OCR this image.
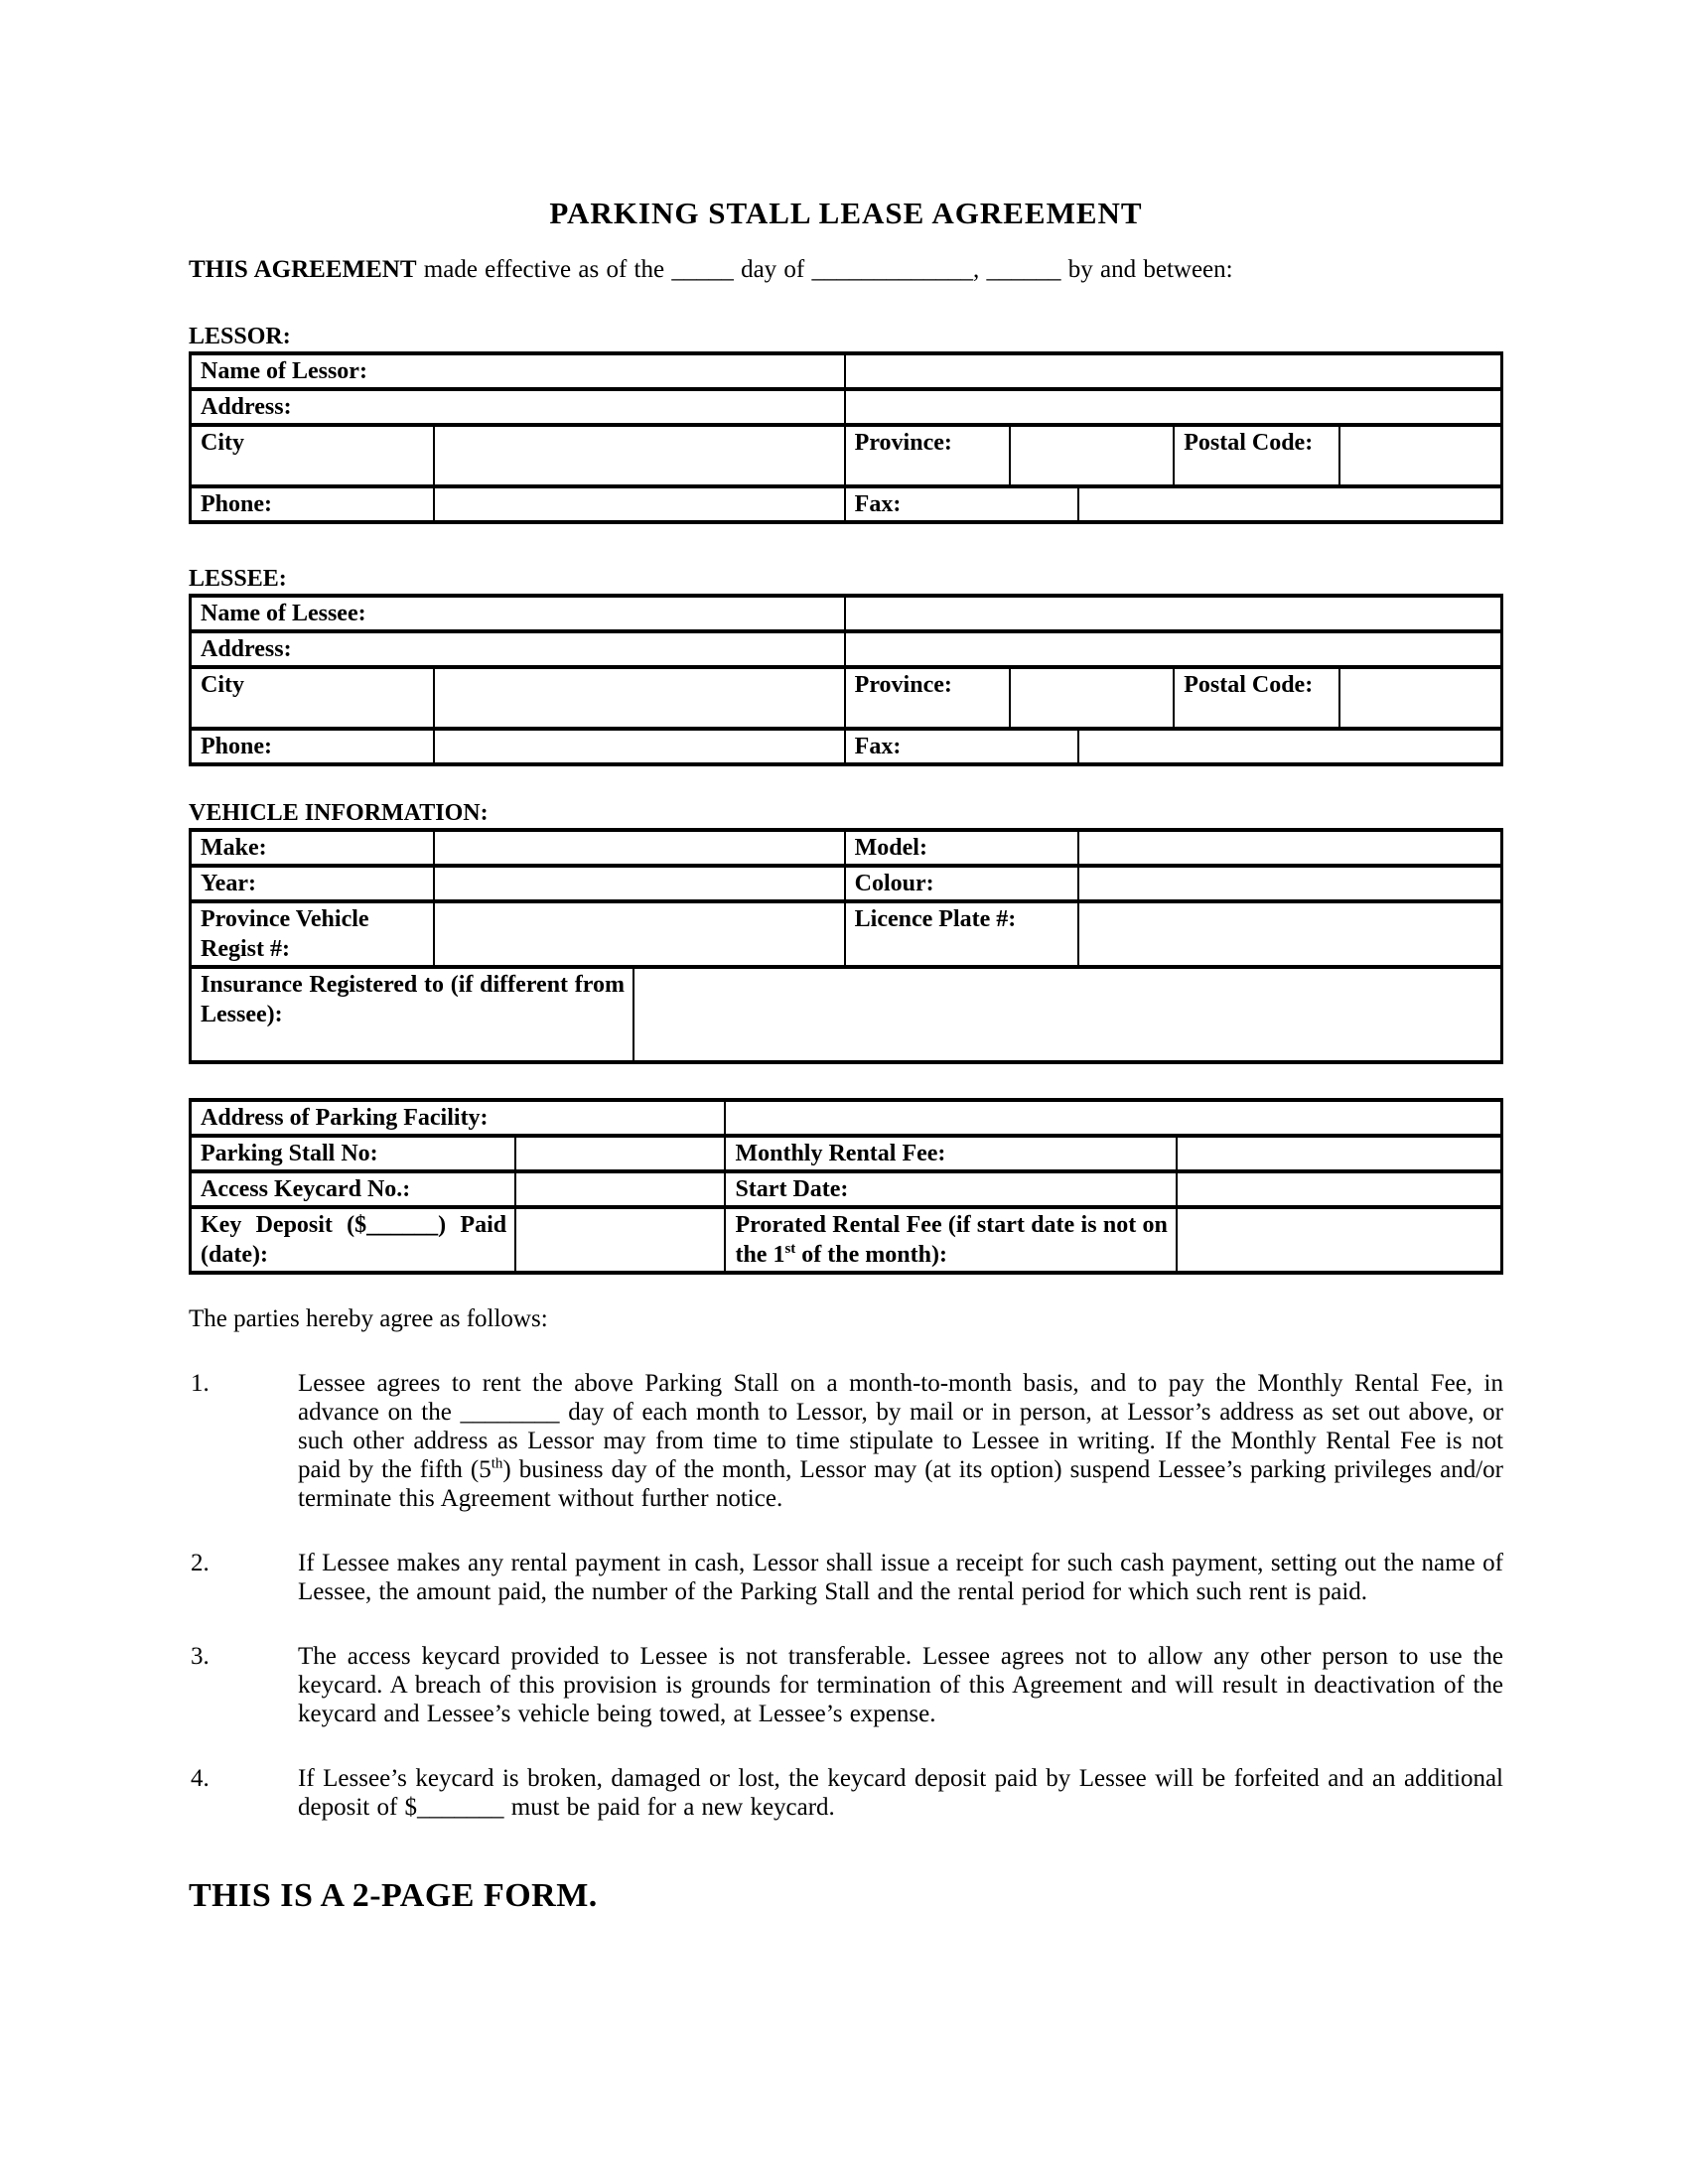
PARKING STALL LEASE AGREEMENT

THIS AGREEMENT made effective as of the _____ day of _____________, ______ by and between:

LESSOR:
Name of Lessor:						
Address:						
City		Province:			Postal Code:	
Phone:		Fax:				
LESSEE:
Name of Lessee:						
Address:						
City		Province:			Postal Code:	
Phone:		Fax:				
VEHICLE INFORMATION:
Make:			Model:	
Year:			Colour:	
Province Vehicle Regist #:			Licence Plate #:	
Insurance Registered to (if different from Lessee):				
Address of Parking Facility:			
Parking Stall No:		Monthly Rental Fee:	
Access Keycard No.:		Start Date:	
Key Deposit ($______) Paid (date):		Prorated Rental Fee (if start date is not on the 1st of the month):	

The parties hereby agree as follows:

1.	Lessee agrees to rent the above Parking Stall on a month-to-month basis, and to pay the Monthly Rental Fee, in advance on the ________ day of each month to Lessor, by mail or in person, at Lessor’s address as set out above, or such other address as Lessor may from time to time stipulate to Lessee in writing. If the Monthly Rental Fee is not paid by the fifth (5th) business day of the month, Lessor may (at its option) suspend Lessee’s parking privileges and/or terminate this Agreement without further notice.
2.	If Lessee makes any rental payment in cash, Lessor shall issue a receipt for such cash payment, setting out the name of Lessee, the amount paid, the number of the Parking Stall and the rental period for which such rent is paid.
3.	The access keycard provided to Lessee is not transferable. Lessee agrees not to allow any other person to use the keycard. A breach of this provision is grounds for termination of this Agreement and will result in deactivation of the keycard and Lessee’s vehicle being towed, at Lessee’s expense.
4.	If Lessee’s keycard is broken, damaged or lost, the keycard deposit paid by Lessee will be forfeited and an additional deposit of $_______ must be paid for a new keycard.
THIS IS A 2-PAGE FORM.
